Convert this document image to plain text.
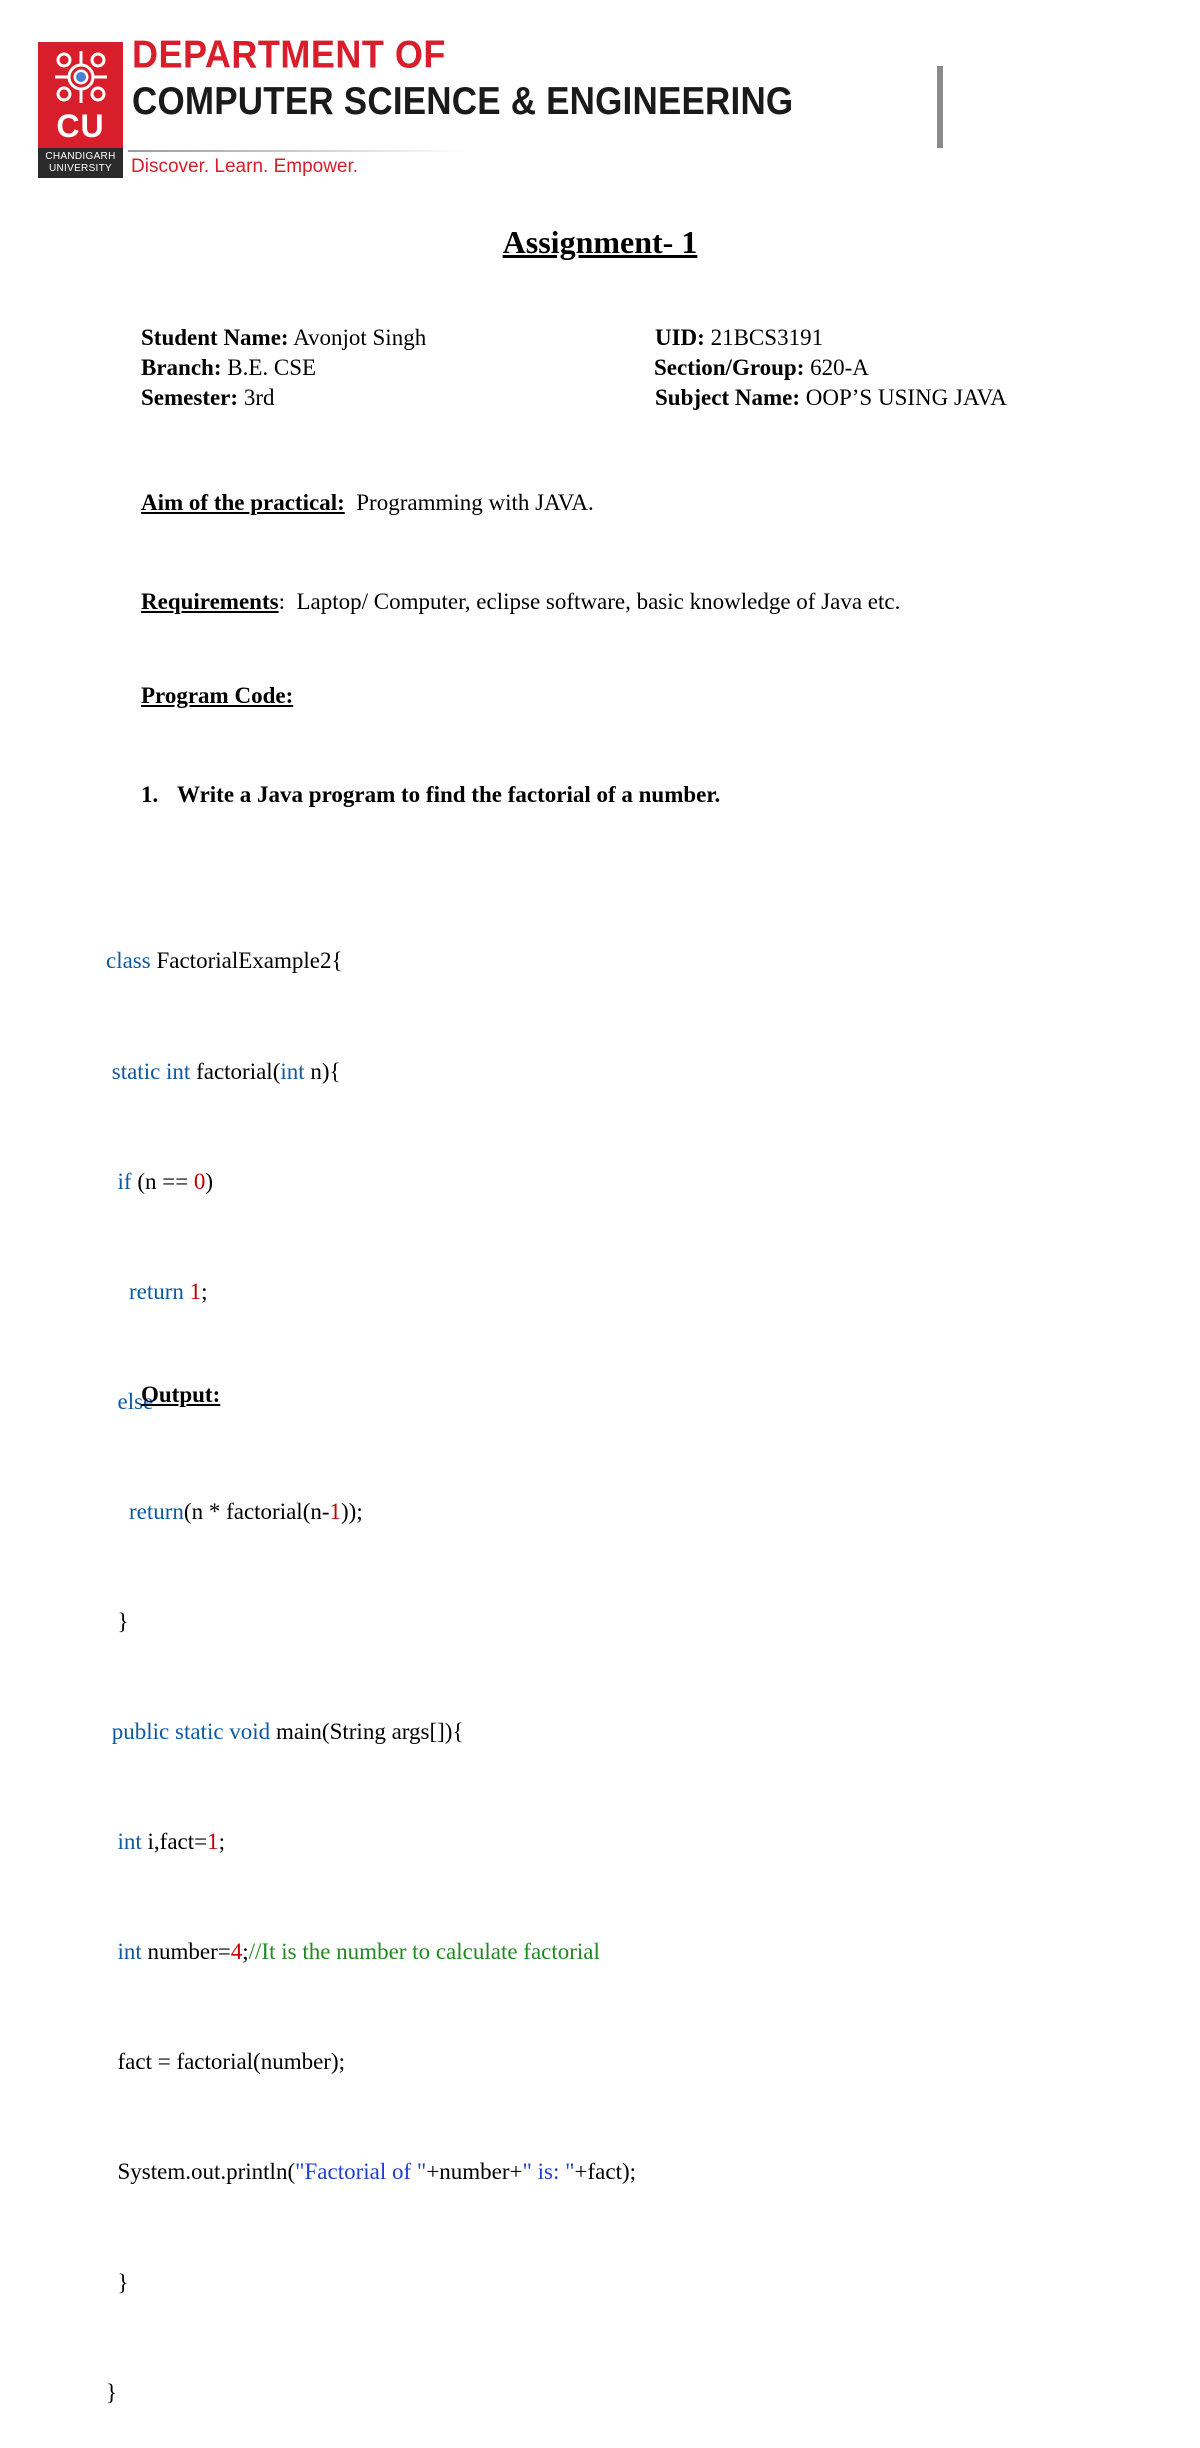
CU
CHANDIGARH
UNIVERSITY
DEPARTMENT OF
COMPUTER SCIENCE & ENGINEERING
Discover. Learn. Empower.
Assignment- 1
Student Name: Avonjot Singh
Branch: B.E. CSE
Semester: 3rd
UID: 21BCS3191
Section/Group: 620-A
Subject Name: OOP’S USING JAVA
Aim of the practical: Programming with JAVA.
Requirements: Laptop/ Computer, eclipse software, basic knowledge of Java etc.
Program Code:
1. Write a Java program to find the factorial of a number.

class FactorialExample2{

static int factorial(int n){

if (n == 0)

return 1;

else

return(n * factorial(n-1));

}

public static void main(String args[]){

int i,fact=1;

int number=4;//It is the number to calculate factorial

fact = factorial(number);

System.out.println("Factorial of "+number+" is: "+fact);

}

}

Output:
